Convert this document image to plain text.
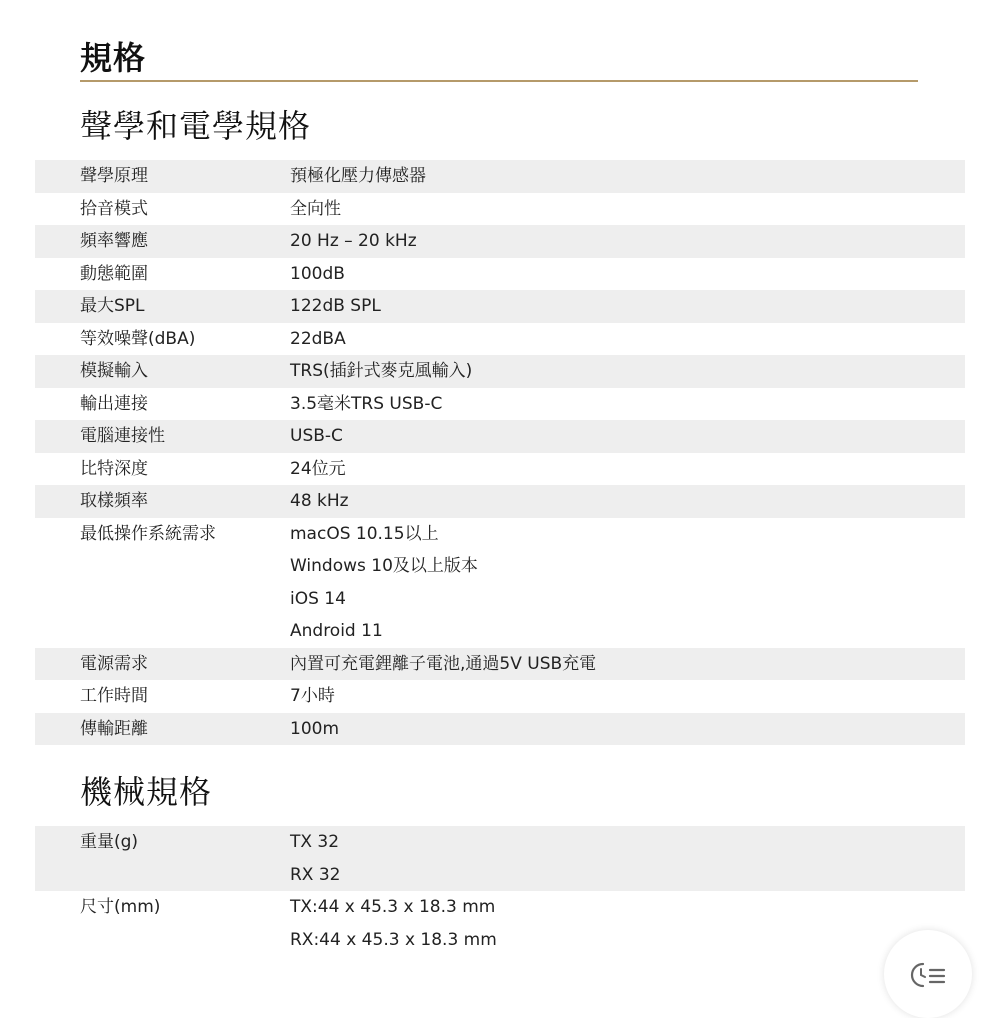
規格
聲學和電學規格
聲學原理	預極化壓力傳感器
拾音模式	全向性
頻率響應	20 Hz – 20 kHz
動態範圍	100dB
最大SPL	122dB SPL
等效噪聲(dBA)	22dBA
模擬輸入	TRS(插針式麥克風輸入)
輸出連接	3.5毫米TRS USB-C
電腦連接性	USB-C
比特深度	24位元
取樣頻率	48 kHz
最低操作系統需求	macOS 10.15以上
Windows 10及以上版本
iOS 14
Android 11
電源需求	內置可充電鋰離子電池,通過5V USB充電
工作時間	7小時
傳輸距離	100m
機械規格
重量(g)	TX 32
RX 32
尺寸(mm)	TX:44 x 45.3 x 18.3 mm
RX:44 x 45.3 x 18.3 mm
